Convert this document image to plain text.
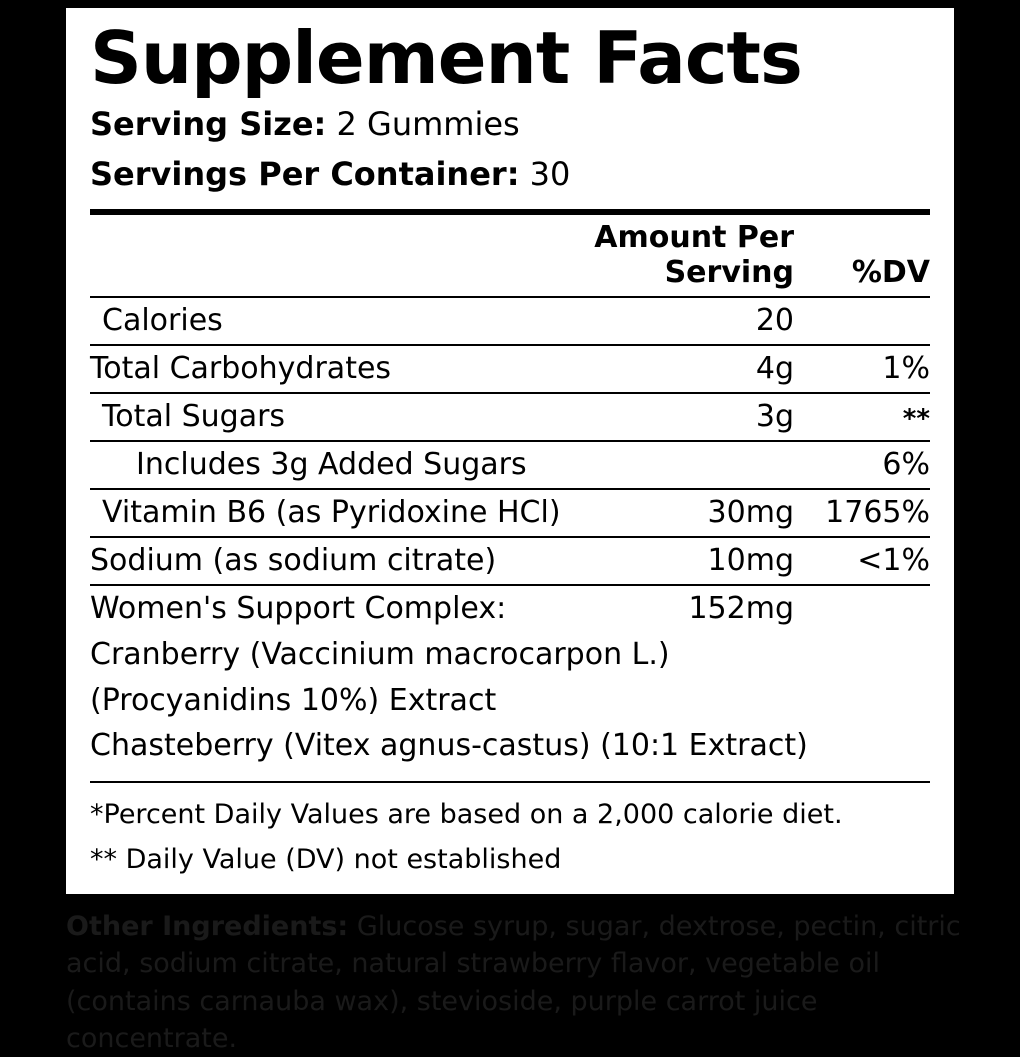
Supplement Facts
Serving Size: 2 Gummies
Servings Per Container: 30
	Amount Per Serving	%DV
Calories	20	
Total Carbohydrates	4g	1%
Total Sugars	3g	**
Includes 3g Added Sugars		6%
Vitamin B6 (as Pyridoxine HCl)	30mg	1765%
Sodium (as sodium citrate)	10mg	<1%
Women's Support Complex:	152mg	
Cranberry (Vaccinium macrocarpon L.)
(Procyanidins 10%) Extract
Chasteberry (Vitex agnus-castus) (10:1 Extract)
*Percent Daily Values are based on a 2,000 calorie diet.
** Daily Value (DV) not established
Other Ingredients: Glucose syrup, sugar, dextrose, pectin, citric acid, sodium citrate, natural strawberry flavor, vegetable oil (contains carnauba wax), stevioside, purple carrot juice concentrate.
